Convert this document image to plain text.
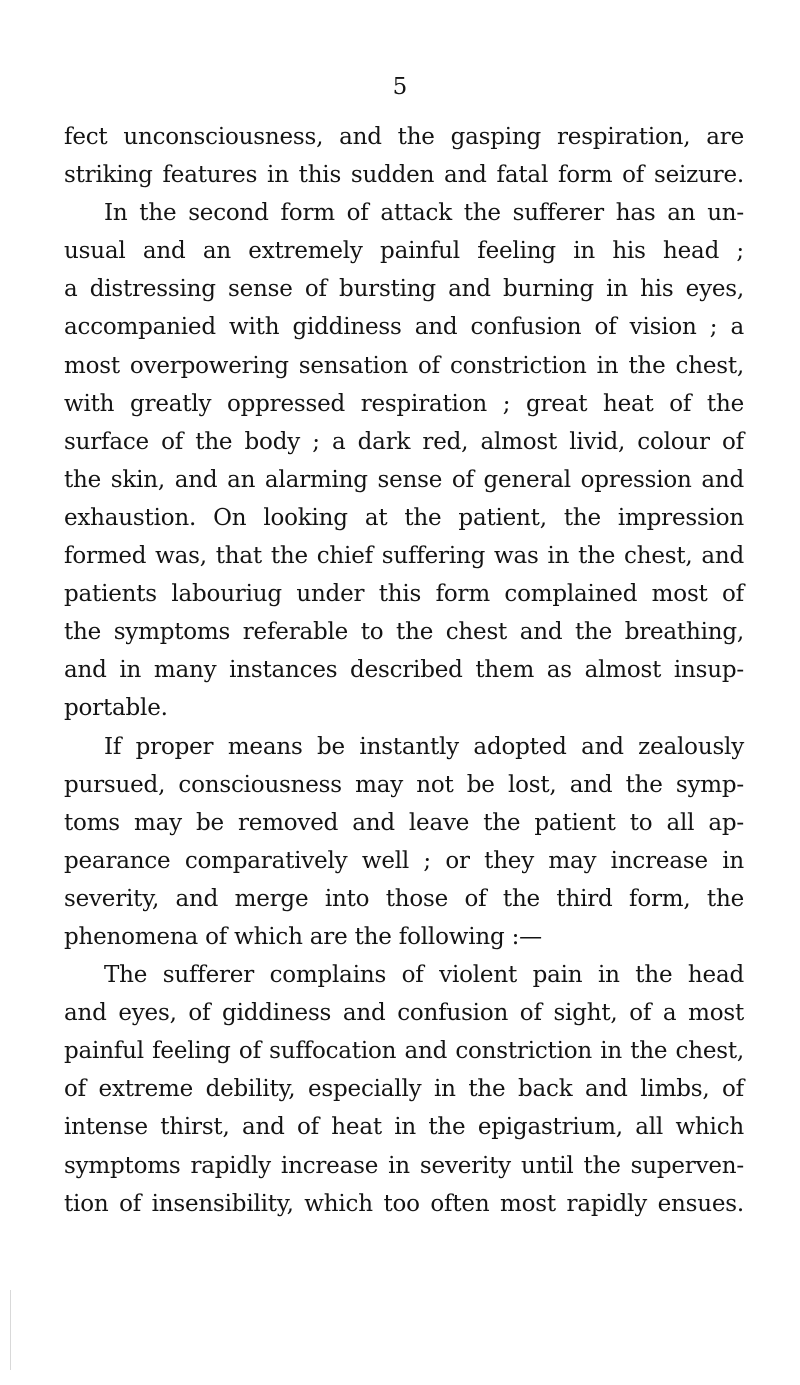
5
fect unconsciousness, and the gasping respiration, are
striking features in this sudden and fatal form of seizure.
In the second form of attack the sufferer has an un-
usual and an extremely painful feeling in his head ;
a distressing sense of bursting and burning in his eyes,
accompanied with giddiness and confusion of vision ; a
most overpowering sensation of constriction in the chest,
with greatly oppressed respiration ; great heat of the
surface of the body ; a dark red, almost livid, colour of
the skin, and an alarming sense of general opression and
exhaustion. On looking at the patient, the impression
formed was, that the chief suffering was in the chest, and
patients labouriug under this form complained most of
the symptoms referable to the chest and the breathing,
and in many instances described them as almost insup-
portable.
If proper means be instantly adopted and zealously
pursued, consciousness may not be lost, and the symp-
toms may be removed and leave the patient to all ap-
pearance comparatively well ; or they may increase in
severity, and merge into those of the third form, the
phenomena of which are the following :—
The sufferer complains of violent pain in the head
and eyes, of giddiness and confusion of sight, of a most
painful feeling of suffocation and constriction in the chest,
of extreme debility, especially in the back and limbs, of
intense thirst, and of heat in the epigastrium, all which
symptoms rapidly increase in severity until the superven-
tion of insensibility, which too often most rapidly ensues.
